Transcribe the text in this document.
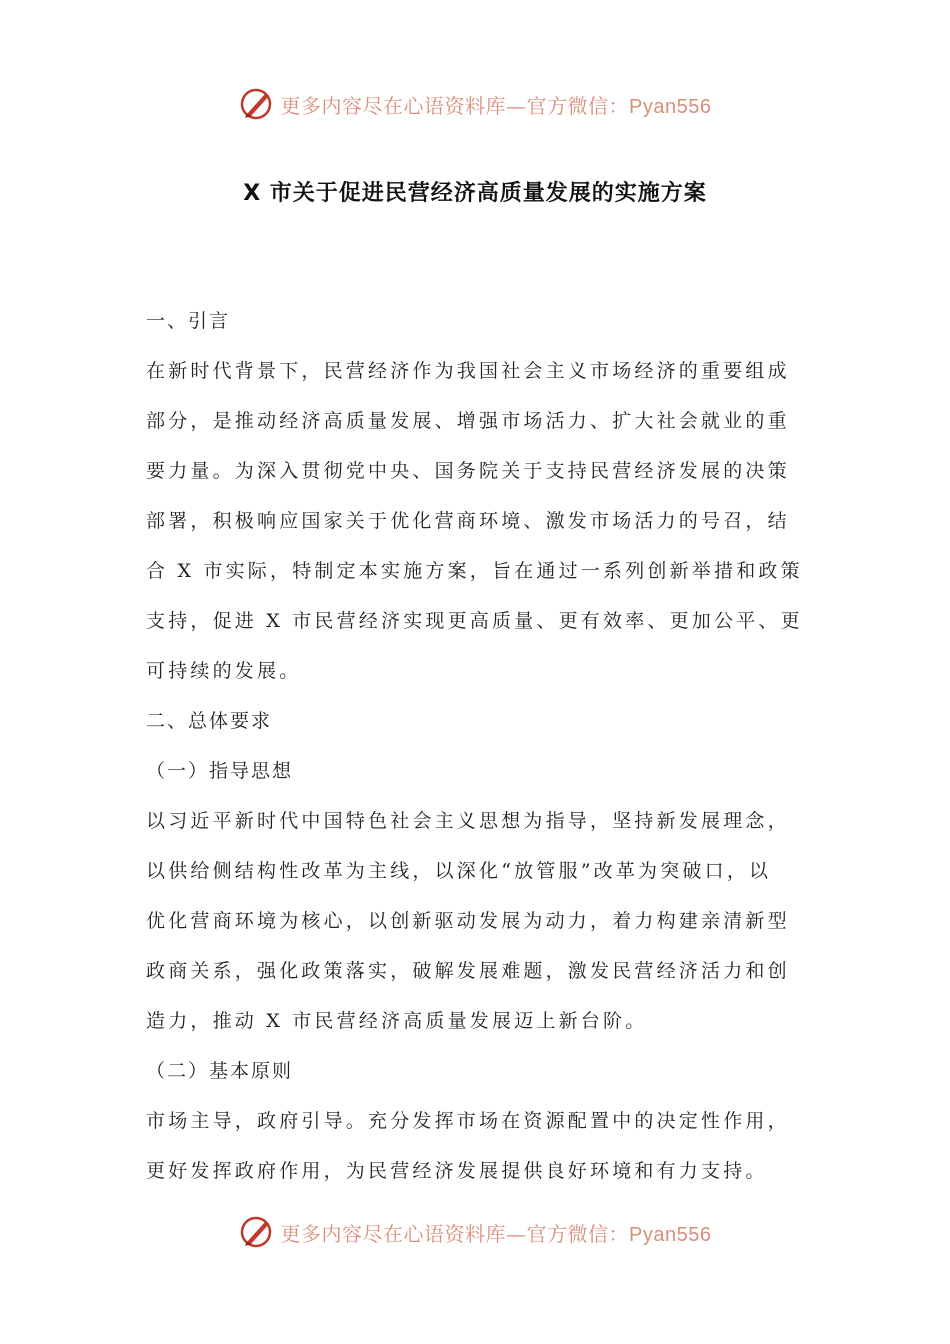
更多内容尽在心语资料库—官方微信：Pyan556
X 市关于促进民营经济高质量发展的实施方案
一、引言
在新时代背景下，民营经济作为我国社会主义市场经济的重要组成
部分，是推动经济高质量发展、增强市场活力、扩大社会就业的重
要力量。为深入贯彻党中央、国务院关于支持民营经济发展的决策
部署，积极响应国家关于优化营商环境、激发市场活力的号召，结
合 X 市实际，特制定本实施方案，旨在通过一系列创新举措和政策
支持，促进 X 市民营经济实现更高质量、更有效率、更加公平、更
可持续的发展。
二、总体要求
（一）指导思想
以习近平新时代中国特色社会主义思想为指导，坚持新发展理念，
以供给侧结构性改革为主线，以深化“放管服”改革为突破口，以
优化营商环境为核心，以创新驱动发展为动力，着力构建亲清新型
政商关系，强化政策落实，破解发展难题，激发民营经济活力和创
造力，推动 X 市民营经济高质量发展迈上新台阶。
（二）基本原则
市场主导，政府引导。充分发挥市场在资源配置中的决定性作用，
更好发挥政府作用，为民营经济发展提供良好环境和有力支持。
更多内容尽在心语资料库—官方微信：Pyan556
